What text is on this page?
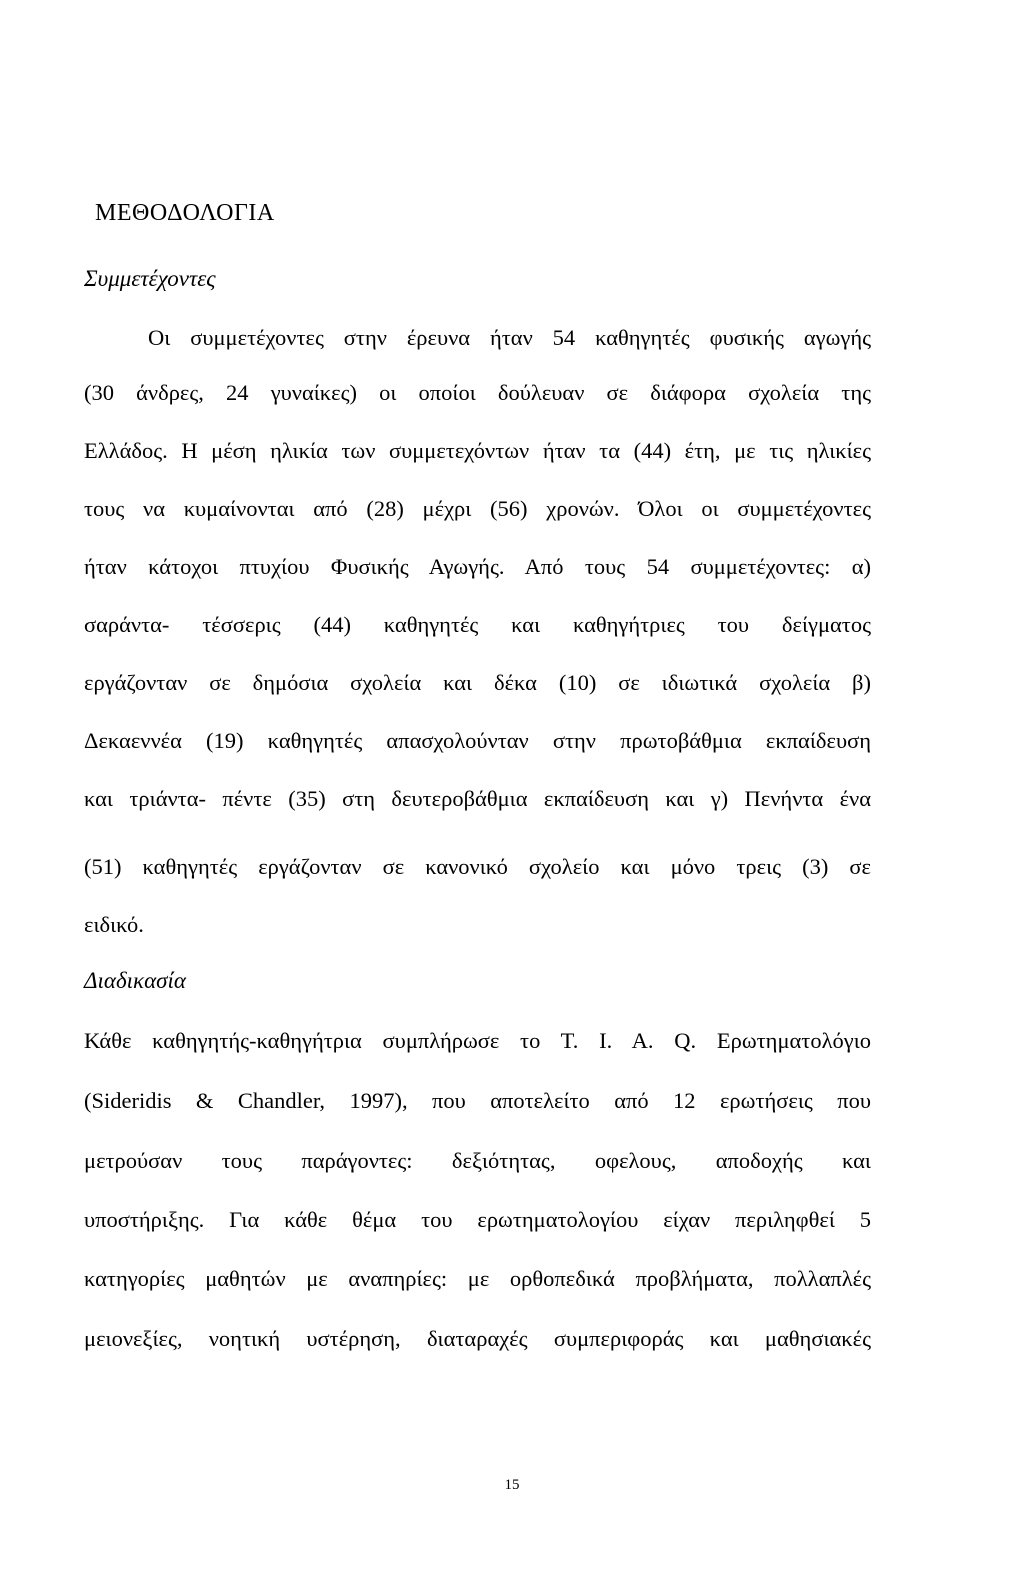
ΜΕΘΟΔΟΛΟΓΙΑ
Συμμετέχοντες
Οι συμμετέχοντες στην έρευνα ήταν 54 καθηγητές φυσικής αγωγής
(30 άνδρες, 24 γυναίκες) οι οποίοι δούλευαν σε διάφορα σχολεία της
Ελλάδος. Η μέση ηλικία των συμμετεχόντων ήταν τα (44) έτη, με τις ηλικίες
τους να κυμαίνονται από (28) μέχρι (56) χρονών. Όλοι οι συμμετέχοντες
ήταν κάτοχοι πτυχίου Φυσικής Αγωγής. Από τους 54 συμμετέχοντες: α)
σαράντα- τέσσερις (44) καθηγητές και καθηγήτριες του δείγματος
εργάζονταν σε δημόσια σχολεία και δέκα (10) σε ιδιωτικά σχολεία β)
Δεκαεννέα (19) καθηγητές απασχολούνταν στην πρωτοβάθμια εκπαίδευση
και τριάντα- πέντε (35) στη δευτεροβάθμια εκπαίδευση και γ) Πενήντα ένα
(51) καθηγητές εργάζονταν σε κανονικό σχολείο και μόνο τρεις (3) σε
ειδικό.
Διαδικασία
Κάθε καθηγητής-καθηγήτρια συμπλήρωσε το Τ. Ι. Α. Q. Ερωτηματολόγιο
(Sideridis & Chandler, 1997), που αποτελείτο από 12 ερωτήσεις που
μετρούσαν τους παράγοντες: δεξιότητας, οφελους, αποδοχής και
υποστήριξης. Για κάθε θέμα του ερωτηματολογίου είχαν περιληφθεί 5
κατηγορίες μαθητών με αναπηρίες: με ορθοπεδικά προβλήματα, πολλαπλές
μειονεξίες, νοητική υστέρηση, διαταραχές συμπεριφοράς και μαθησιακές
15
